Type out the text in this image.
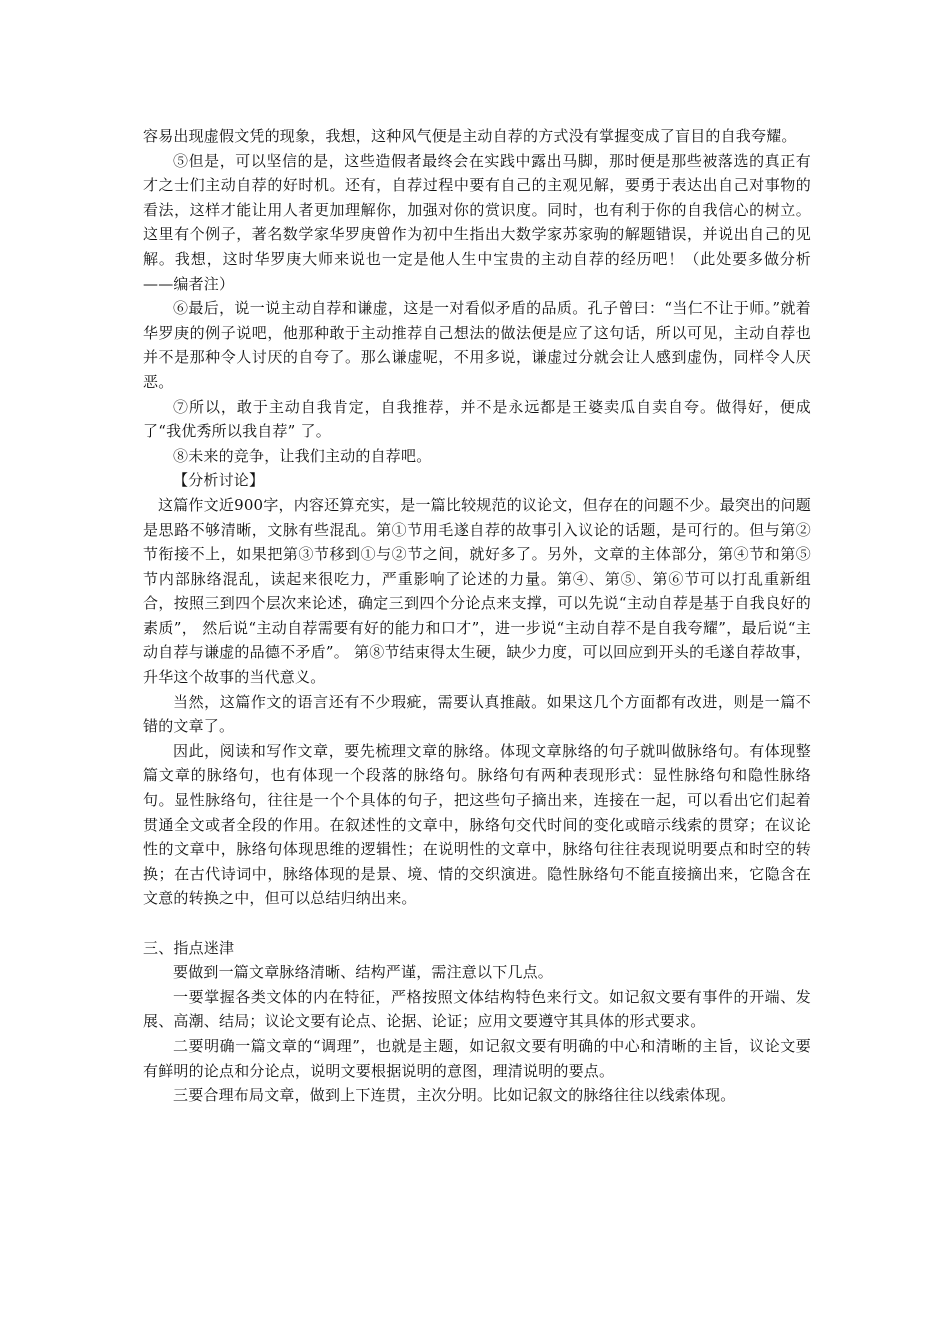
容易出现虚假文凭的现象，我想，这种风气便是主动自荐的方式没有掌握变成了盲目的自我夸耀。

⑤但是，可以坚信的是，这些造假者最终会在实践中露出马脚，那时便是那些被落选的真正有才之士们主动自荐的好时机。还有，自荐过程中要有自己的主观见解，要勇于表达出自己对事物的看法，这样才能让用人者更加理解你，加强对你的赏识度。同时，也有利于你的自我信心的树立。这里有个例子，著名数学家华罗庚曾作为初中生指出大数学家苏家驹的解题错误，并说出自己的见解。我想，这时华罗庚大师来说也一定是他人生中宝贵的主动自荐的经历吧！（此处要多做分析——编者注）

⑥最后，说一说主动自荐和谦虚，这是一对看似矛盾的品质。孔子曾曰：“当仁不让于师。”就着华罗庚的例子说吧，他那种敢于主动推荐自己想法的做法便是应了这句话，所以可见，主动自荐也并不是那种令人讨厌的自夸了。那么谦虚呢，不用多说，谦虚过分就会让人感到虚伪，同样令人厌恶。

⑦所以，敢于主动自我肯定，自我推荐，并不是永远都是王婆卖瓜自卖自夸。做得好，便成了“我优秀所以我自荐” 了。

⑧未来的竞争，让我们主动的自荐吧。

【分析讨论】

这篇作文近900字，内容还算充实，是一篇比较规范的议论文，但存在的问题不少。最突出的问题是思路不够清晰，文脉有些混乱。第①节用毛遂自荐的故事引入议论的话题，是可行的。但与第②节衔接不上，如果把第③节移到①与②节之间，就好多了。另外，文章的主体部分，第④节和第⑤节内部脉络混乱，读起来很吃力，严重影响了论述的力量。第④、第⑤、第⑥节可以打乱重新组合，按照三到四个层次来论述，确定三到四个分论点来支撑，可以先说“主动自荐是基于自我良好的素质”， 然后说“主动自荐需要有好的能力和口才”，进一步说“主动自荐不是自我夸耀”，最后说“主动自荐与谦虚的品德不矛盾”。 第⑧节结束得太生硬，缺少力度，可以回应到开头的毛遂自荐故事，升华这个故事的当代意义。

当然，这篇作文的语言还有不少瑕疵，需要认真推敲。如果这几个方面都有改进，则是一篇不错的文章了。

因此，阅读和写作文章，要先梳理文章的脉络。体现文章脉络的句子就叫做脉络句。有体现整篇文章的脉络句，也有体现一个段落的脉络句。脉络句有两种表现形式：显性脉络句和隐性脉络句。显性脉络句，往往是一个个具体的句子，把这些句子摘出来，连接在一起，可以看出它们起着贯通全文或者全段的作用。在叙述性的文章中，脉络句交代时间的变化或暗示线索的贯穿；在议论性的文章中，脉络句体现思维的逻辑性；在说明性的文章中，脉络句往往表现说明要点和时空的转换；在古代诗词中，脉络体现的是景、境、情的交织演进。隐性脉络句不能直接摘出来，它隐含在文意的转换之中，但可以总结归纳出来。

三、指点迷津

要做到一篇文章脉络清晰、结构严谨，需注意以下几点。

一要掌握各类文体的内在特征，严格按照文体结构特色来行文。如记叙文要有事件的开端、发展、高潮、结局；议论文要有论点、论据、论证；应用文要遵守其具体的形式要求。

二要明确一篇文章的“调理”，也就是主题，如记叙文要有明确的中心和清晰的主旨，议论文要有鲜明的论点和分论点，说明文要根据说明的意图，理清说明的要点。

三要合理布局文章，做到上下连贯，主次分明。比如记叙文的脉络往往以线索体现。
